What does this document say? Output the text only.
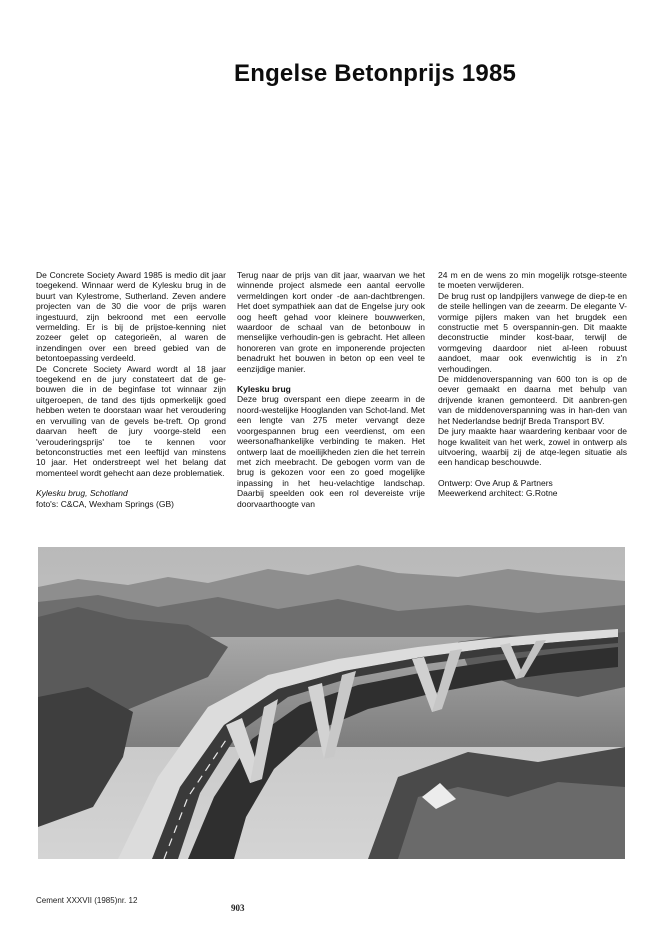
Engelse Betonprijs 1985

De Concrete Society Award 1985 is medio dit jaar toegekend. Winnaar werd de Kylesku brug in de buurt van Kylestrome, Sutherland. Zeven andere projecten van de 30 die voor de prijs waren ingestuurd, zijn bekroond met een eervolle vermelding. Er is bij de prijstoe-kenning niet zozeer gelet op categorieën, al waren de inzendingen over een breed gebied van de betontoepassing verdeeld.

De Concrete Society Award wordt al 18 jaar toegekend en de jury constateert dat de ge-bouwen die in de beginfase tot winnaar zijn uitgeroepen, de tand des tijds opmerkelijk goed hebben weten te doorstaan waar het veroudering en vervuiling van de gevels be-treft. Op grond daarvan heeft de jury voorge-steld een 'verouderingsprijs' toe te kennen voor betonconstructies met een leeftijd van minstens 10 jaar. Het onderstreept wel het belang dat momenteel wordt gehecht aan deze problematiek.

Kylesku brug, Schotland

foto's: C&CA, Wexham Springs (GB)

Terug naar de prijs van dit jaar, waarvan we het winnende project alsmede een aantal eervolle vermeldingen kort onder -de aan-dachtbrengen. Het doet sympathiek aan dat de Engelse jury ook oog heeft gehad voor kleinere bouwwerken, waardoor de schaal van de betonbouw in menselijke verhoudin-gen is gebracht. Het alleen honoreren van grote en imponerende projecten benadrukt het bouwen in beton op een veel te eenzijdige manier.

Kylesku brug

Deze brug overspant een diepe zeearm in de noord-westelijke Hooglanden van Schot-land. Met een lengte van 275 meter vervangt deze voorgespannen brug een veerdienst, om een weersonafhankelijke verbinding te maken. Het ontwerp laat de moeilijkheden zien die het terrein met zich meebracht. De gebogen vorm van de brug is gekozen voor een zo goed mogelijke inpassing in het heu-velachtige landschap. Daarbij speelden ook een rol devereiste vrije doorvaarthoogte van

24 m en de wens zo min mogelijk rotsge-steente te moeten verwijderen.

De brug rust op landpijlers vanwege de diep-te en de steile hellingen van de zeearm. De elegante V-vormige pijlers maken van het brugdek een constructie met 5 overspannin-gen. Dit maakte deconstructie minder kost-baar, terwijl de vormgeving daardoor niet al-leen robuust aandoet, maar ook evenwichtig is in z'n verhoudingen.

De middenoverspanning van 600 ton is op de oever gemaakt en daarna met behulp van drijvende kranen gemonteerd. Dit aanbren-gen van de middenoverspanning was in han-den van het Nederlandse bedrijf Breda Transport BV.

De jury maakte haar waardering kenbaar voor de hoge kwaliteit van het werk, zowel in ontwerp als uitvoering, waarbij zij de atqe-legen situatie als een handicap beschouwde.

Ontwerp: Ove Arup & Partners

Meewerkend architect: G.Rotne

Cement XXXVII (1985)nr. 12
903
